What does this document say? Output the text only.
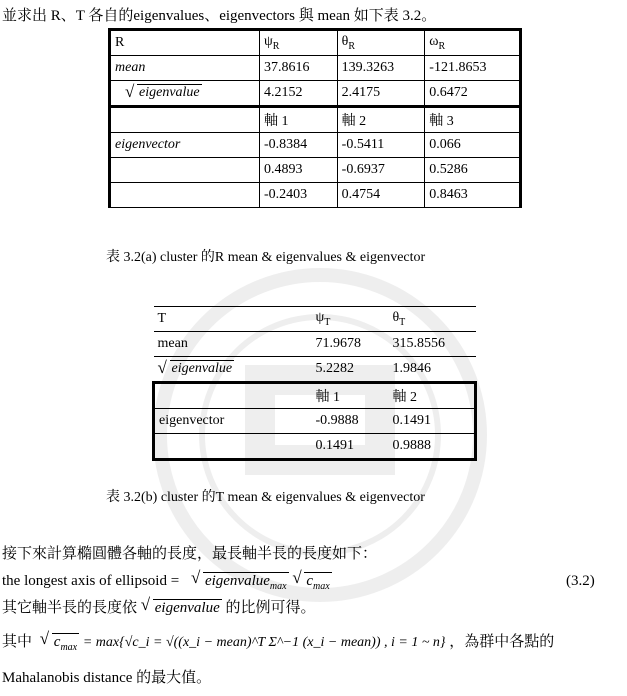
並求出 R、T 各自的eigenvalues、eigenvectors 與 mean 如下表 3.2。
R	$\psi_R$	$\theta_R$	$\omega_R$
mean	37.8616	139.3263	-121.8653
√ eigenvalue	4.2152	2.4175	0.6472
	軸 1	軸 2	軸 3
eigenvector	-0.8384	-0.5411	0.066
	0.4893	-0.6937	0.5286
	-0.2403	0.4754	0.8463
表 3.2(a) cluster 的R mean & eigenvalues & eigenvector
T	$\psi_T$	$\theta_T$
mean	71.9678	315.8556
√ eigenvalue	5.2282	1.9846
	軸 1	軸 2
eigenvector	-0.9888	0.1491
	0.1491	0.9888
表 3.2(b) cluster 的T mean & eigenvalues & eigenvector
接下來計算橢圓體各軸的長度，最長軸半長的長度如下：
the longest axis of ellipsoid = √ eigenvalue$_{max}$ √ $c_{max}$	(3.2)
其它軸半長的長度依 √ eigenvalue 的比例可得。
其中 √ $c_{max}$ = max{√c_i = √((x_i − mean)^T Σ^−1 (x_i − mean)) , i = 1 ~ n} ，為群中各點的
Mahalanobis distance 的最大值。
